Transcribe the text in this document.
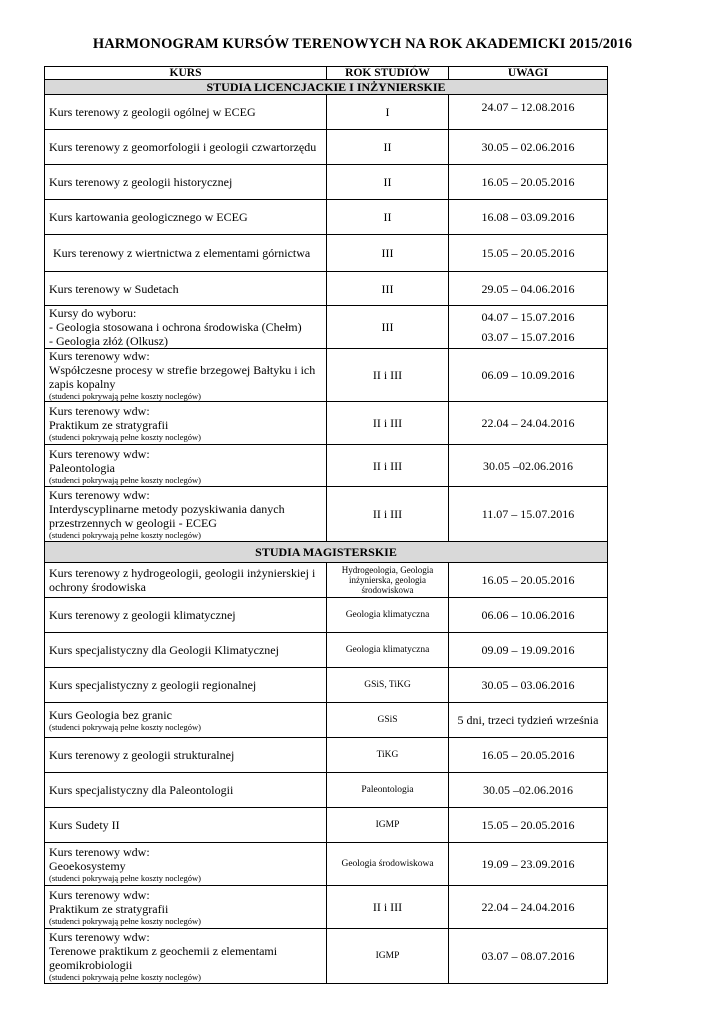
HARMONOGRAM KURSÓW TERENOWYCH NA ROK AKADEMICKI 2015/2016
KURS	ROK STUDIÓW	UWAGI
STUDIA LICENCJACKIE I INŻYNIERSKIE		
Kurs terenowy z geologii ogólnej w ECEG	I	24.07 – 12.08.2016
Kurs terenowy z geomorfologii i geologii czwartorzędu	II	30.05 – 02.06.2016
Kurs terenowy z geologii historycznej	II	16.05 – 20.05.2016
Kurs kartowania geologicznego w ECEG	II	16.08 – 03.09.2016
Kurs terenowy z wiertnictwa z elementami górnictwa	III	15.05 – 20.05.2016
Kurs terenowy w Sudetach	III	29.05 – 04.06.2016

Kursy do wyboru:
- Geologia stosowana i ochrona środowiska (Chełm)
- Geologia złóż (Olkusz)	III	04.07 – 15.07.2016
03.07 – 15.07.2016

Kurs terenowy wdw:
Współczesne procesy w strefie brzegowej Bałtyku i ich zapis kopalny
(studenci pokrywają pełne koszty noclegów)	II i III	06.09 – 10.09.2016

Kurs terenowy wdw:
Praktikum ze stratygrafii
(studenci pokrywają pełne koszty noclegów)	II i III	22.04 – 24.04.2016

Kurs terenowy wdw:
Paleontologia
(studenci pokrywają pełne koszty noclegów)	II i III	30.05 –02.06.2016

Kurs terenowy wdw:
Interdyscyplinarne metody pozyskiwania danych przestrzennych w geologii - ECEG
(studenci pokrywają pełne koszty noclegów)	II i III	11.07 – 15.07.2016
STUDIA MAGISTERSKIE		
Kurs terenowy z hydrogeologii, geologii inżynierskiej i ochrony środowiska	Hydrogeologia, Geologia inżynierska, geologia środowiskowa	16.05 – 20.05.2016
Kurs terenowy z geologii klimatycznej	Geologia klimatyczna	06.06 – 10.06.2016
Kurs specjalistyczny dla Geologii Klimatycznej	Geologia klimatyczna	09.09 – 19.09.2016
Kurs specjalistyczny z geologii regionalnej	GSiS, TiKG	30.05 – 03.06.2016

Kurs Geologia bez granic
(studenci pokrywają pełne koszty noclegów)	GSiS	5 dni, trzeci tydzień września
Kurs terenowy z geologii strukturalnej	TiKG	16.05 – 20.05.2016
Kurs specjalistyczny dla Paleontologii	Paleontologia	30.05 –02.06.2016
Kurs Sudety II	IGMP	15.05 – 20.05.2016

Kurs terenowy wdw:
Geoekosystemy
(studenci pokrywają pełne koszty noclegów)	Geologia środowiskowa	19.09 – 23.09.2016

Kurs terenowy wdw:
Praktikum ze stratygrafii
(studenci pokrywają pełne koszty noclegów)	II i III	22.04 – 24.04.2016

Kurs terenowy wdw:
Terenowe praktikum z geochemii z elementami geomikrobiologii
(studenci pokrywają pełne koszty noclegów)	IGMP	03.07 – 08.07.2016
